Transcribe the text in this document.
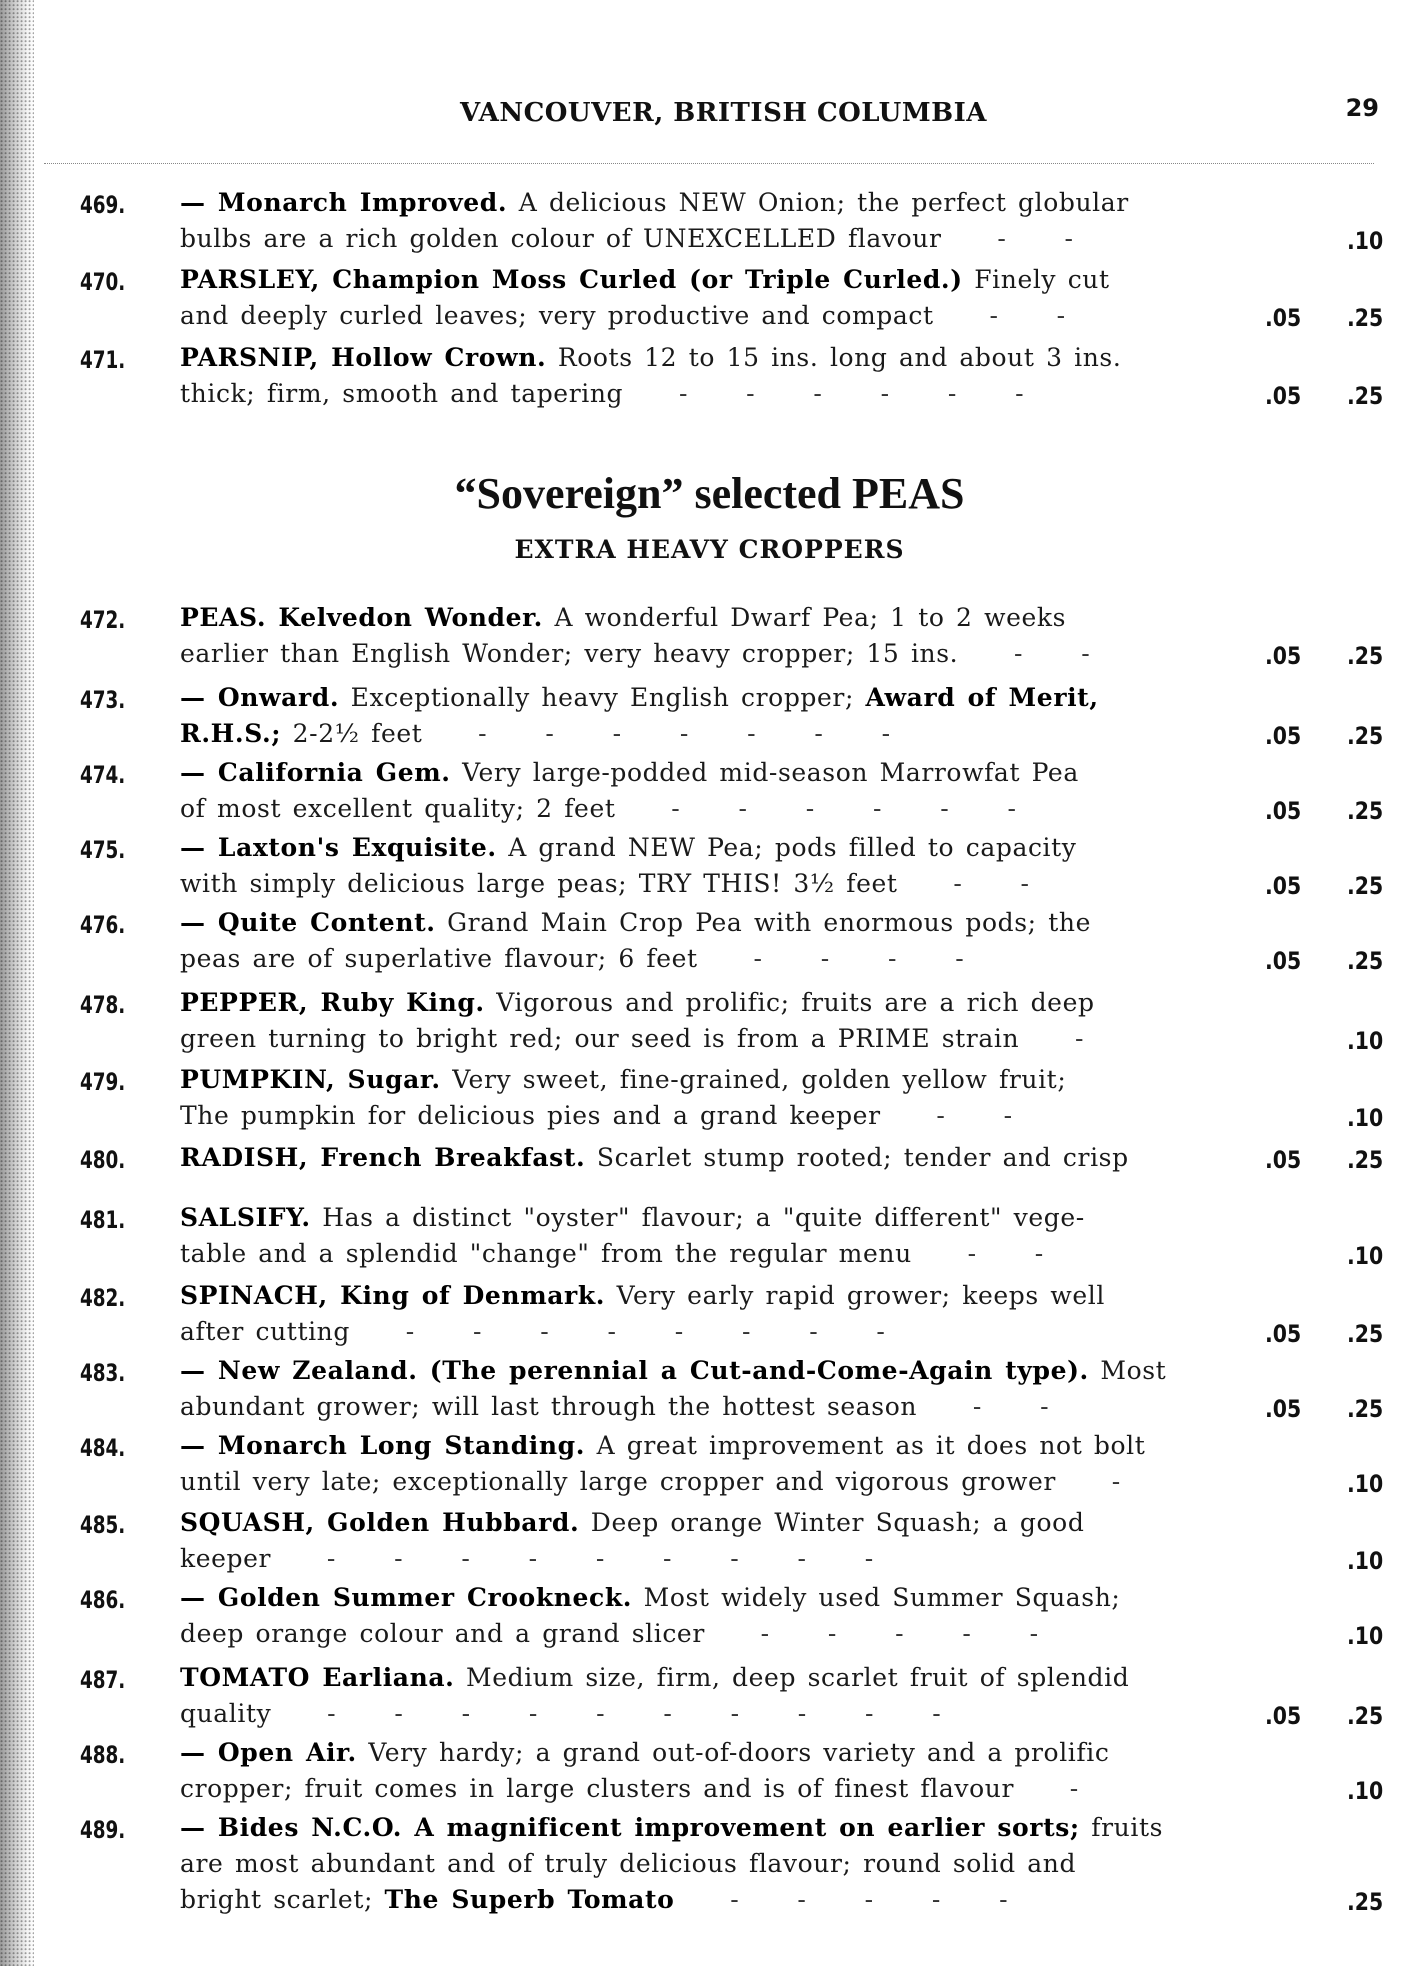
VANCOUVER, BRITISH COLUMBIA	29
“Sovereign” selected PEAS
EXTRA HEAVY CROPPERS
469.	— Monarch Improved. A delicious NEW Onion; the perfect globular
bulbs are a rich golden colour of UNEXCELLED flavour    -    -	.10
470.	PARSLEY, Champion Moss Curled (or Triple Curled.) Finely cut
and deeply curled leaves; very productive and compact    -    -	.05 .25
471.	PARSNIP, Hollow Crown. Roots 12 to 15 ins. long and about 3 ins.
thick; firm, smooth and tapering    -    -    -    -    -    -	.05 .25
472.	PEAS. Kelvedon Wonder. A wonderful Dwarf Pea; 1 to 2 weeks
earlier than English Wonder; very heavy cropper; 15 ins.    -    -	.05 .25
473.	— Onward. Exceptionally heavy English cropper; Award of Merit,
R.H.S.; 2-2½ feet    -    -    -    -    -    -    -	.05 .25
474.	— California Gem. Very large-podded mid-season Marrowfat Pea
of most excellent quality; 2 feet    -    -    -    -    -    -	.05 .25
475.	— Laxton's Exquisite. A grand NEW Pea; pods filled to capacity
with simply delicious large peas; TRY THIS! 3½ feet    -    -	.05 .25
476.	— Quite Content. Grand Main Crop Pea with enormous pods; the
peas are of superlative flavour; 6 feet    -    -    -    -	.05 .25
478.	PEPPER, Ruby King. Vigorous and prolific; fruits are a rich deep
green turning to bright red; our seed is from a PRIME strain    -	.10
479.	PUMPKIN, Sugar. Very sweet, fine-grained, golden yellow fruit;
The pumpkin for delicious pies and a grand keeper    -    -	.10
480.	RADISH, French Breakfast. Scarlet stump rooted; tender and crisp	.05 .25
481.	SALSIFY. Has a distinct "oyster" flavour; a "quite different" vege-
table and a splendid "change" from the regular menu    -    -	.10
482.	SPINACH, King of Denmark. Very early rapid grower; keeps well
after cutting    -    -    -    -    -    -    -    -	.05 .25
483.	— New Zealand. (The perennial a Cut-and-Come-Again type). Most
abundant grower; will last through the hottest season    -    -	.05 .25
484.	— Monarch Long Standing. A great improvement as it does not bolt
until very late; exceptionally large cropper and vigorous grower    -	.10
485.	SQUASH, Golden Hubbard. Deep orange Winter Squash; a good
keeper    -    -    -    -    -    -    -    -    -	.10
486.	— Golden Summer Crookneck. Most widely used Summer Squash;
deep orange colour and a grand slicer    -    -    -    -    -	.10
487.	TOMATO Earliana. Medium size, firm, deep scarlet fruit of splendid
quality    -    -    -    -    -    -    -    -    -    -	.05 .25
488.	— Open Air. Very hardy; a grand out-of-doors variety and a prolific
cropper; fruit comes in large clusters and is of finest flavour    -	.10
489.	— Bides N.C.O. A magnificent improvement on earlier sorts; fruits
are most abundant and of truly delicious flavour; round solid and
bright scarlet; The Superb Tomato    -    -    -    -    -	.25
